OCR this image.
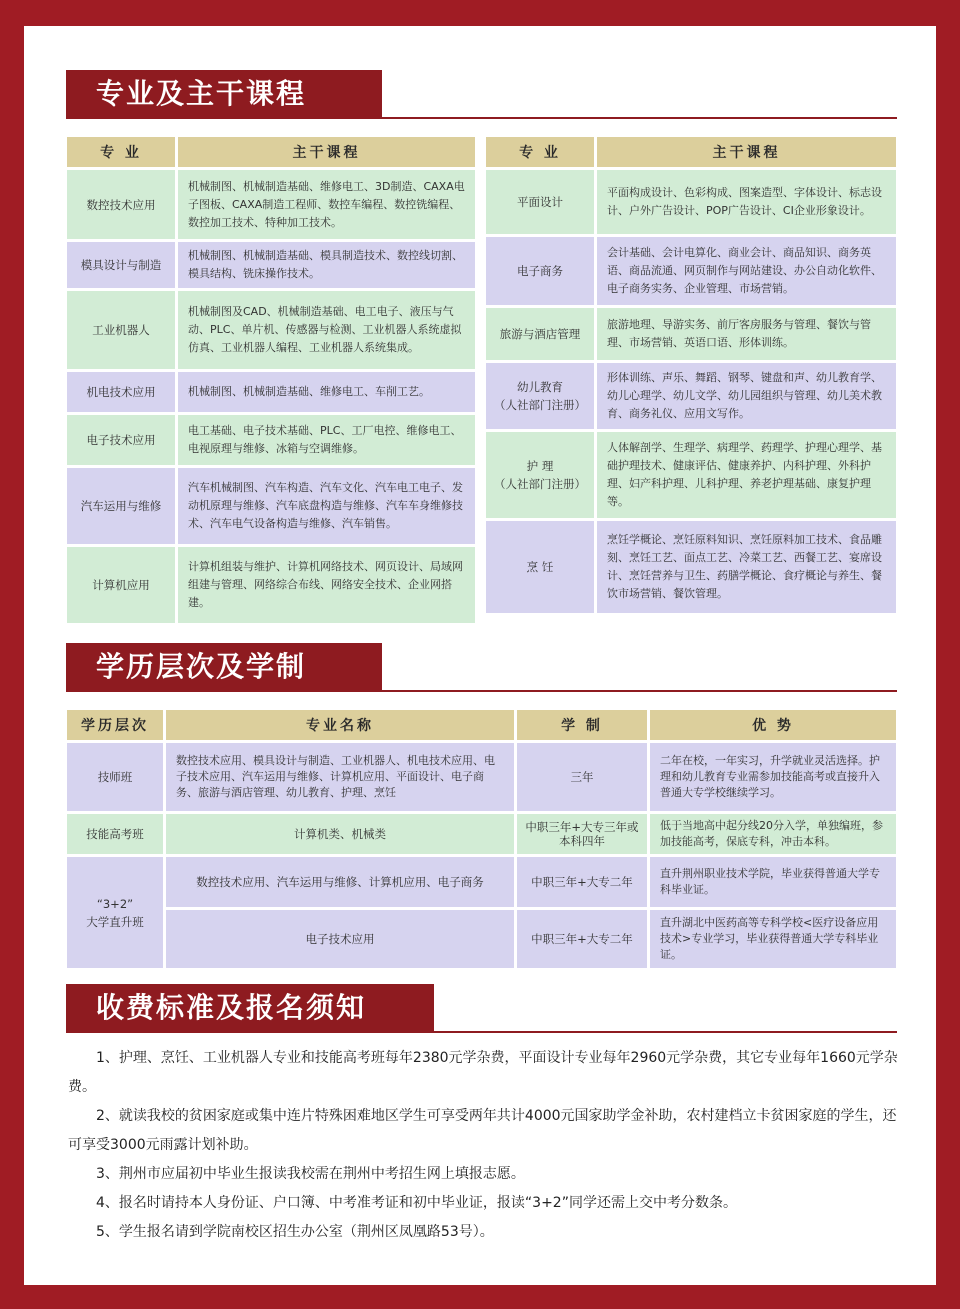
专业及主干课程
专 业	主干课程
数控技术应用	机械制图、机械制造基础、维修电工、3D制造、CAXA电子图板、CAXA制造工程师、数控车编程、数控铣编程、数控加工技术、特种加工技术。
模具设计与制造	机械制图、机械制造基础、模具制造技术、数控线切割、模具结构、铣床操作技术。
工业机器人	机械制图及CAD、机械制造基础、电工电子、液压与气动、PLC、单片机、传感器与检测、工业机器人系统虚拟仿真、工业机器人编程、工业机器人系统集成。
机电技术应用	机械制图、机械制造基础、维修电工、车削工艺。
电子技术应用	电工基础、电子技术基础、PLC、工厂电控、维修电工、电视原理与维修、冰箱与空调维修。
汽车运用与维修	汽车机械制图、汽车构造、汽车文化、汽车电工电子、发动机原理与维修、汽车底盘构造与维修、汽车车身维修技术、汽车电气设备构造与维修、汽车销售。
计算机应用	计算机组装与维护、计算机网络技术、网页设计、局域网组建与管理、网络综合布线、网络安全技术、企业网搭建。
专 业	主干课程
平面设计	平面构成设计、色彩构成、图案造型、字体设计、标志设计、户外广告设计、POP广告设计、CI企业形象设计。
电子商务	会计基础、会计电算化、商业会计、商品知识、商务英语、商品流通、网页制作与网站建设、办公自动化软件、电子商务实务、企业管理、市场营销。
旅游与酒店管理	旅游地理、导游实务、前厅客房服务与管理、餐饮与管理、市场营销、英语口语、形体训练。

幼儿教育
（人社部门注册）	形体训练、声乐、舞蹈、钢琴、键盘和声、幼儿教育学、幼儿心理学、幼儿文学、幼儿园组织与管理、幼儿美术教育、商务礼仪、应用文写作。

护 理
（人社部门注册）	人体解剖学、生理学、病理学、药理学、护理心理学、基础护理技术、健康评估、健康养护、内科护理、外科护理、妇产科护理、儿科护理、养老护理基础、康复护理等。
烹 饪	烹饪学概论、烹饪原料知识、烹饪原料加工技术、食品雕刻、烹饪工艺、面点工艺、冷菜工艺、西餐工艺、宴席设计、烹饪营养与卫生、药膳学概论、食疗概论与养生、餐饮市场营销、餐饮管理。
学历层次及学制
学历层次	专业名称	学 制	优 势
技师班	数控技术应用、模具设计与制造、工业机器人、机电技术应用、电子技术应用、汽车运用与维修、计算机应用、平面设计、电子商务、旅游与酒店管理、幼儿教育、护理、烹饪	三年	二年在校，一年实习，升学就业灵活选择。护理和幼儿教育专业需参加技能高考或直接升入普通大专学校继续学习。
技能高考班	计算机类、机械类	中职三年+大专三年或本科四年	低于当地高中起分线20分入学，单独编班，参加技能高考，保底专科，冲击本科。

“3+2”
大学直升班	数控技术应用、汽车运用与维修、计算机应用、电子商务	中职三年+大专二年	直升荆州职业技术学院，毕业获得普通大学专科毕业证。
	电子技术应用	中职三年+大专二年	直升湖北中医药高等专科学校<医疗设备应用技术>专业学习，毕业获得普通大学专科毕业证。
收费标准及报名须知

1、护理、烹饪、工业机器人专业和技能高考班每年2380元学杂费，平面设计专业每年2960元学杂费，其它专业每年1660元学杂费。

2、就读我校的贫困家庭或集中连片特殊困难地区学生可享受两年共计4000元国家助学金补助，农村建档立卡贫困家庭的学生，还可享受3000元雨露计划补助。

3、荆州市应届初中毕业生报读我校需在荆州中考招生网上填报志愿。

4、报名时请持本人身份证、户口簿、中考准考证和初中毕业证，报读“3+2”同学还需上交中考分数条。

5、学生报名请到学院南校区招生办公室（荆州区凤凰路53号）。
